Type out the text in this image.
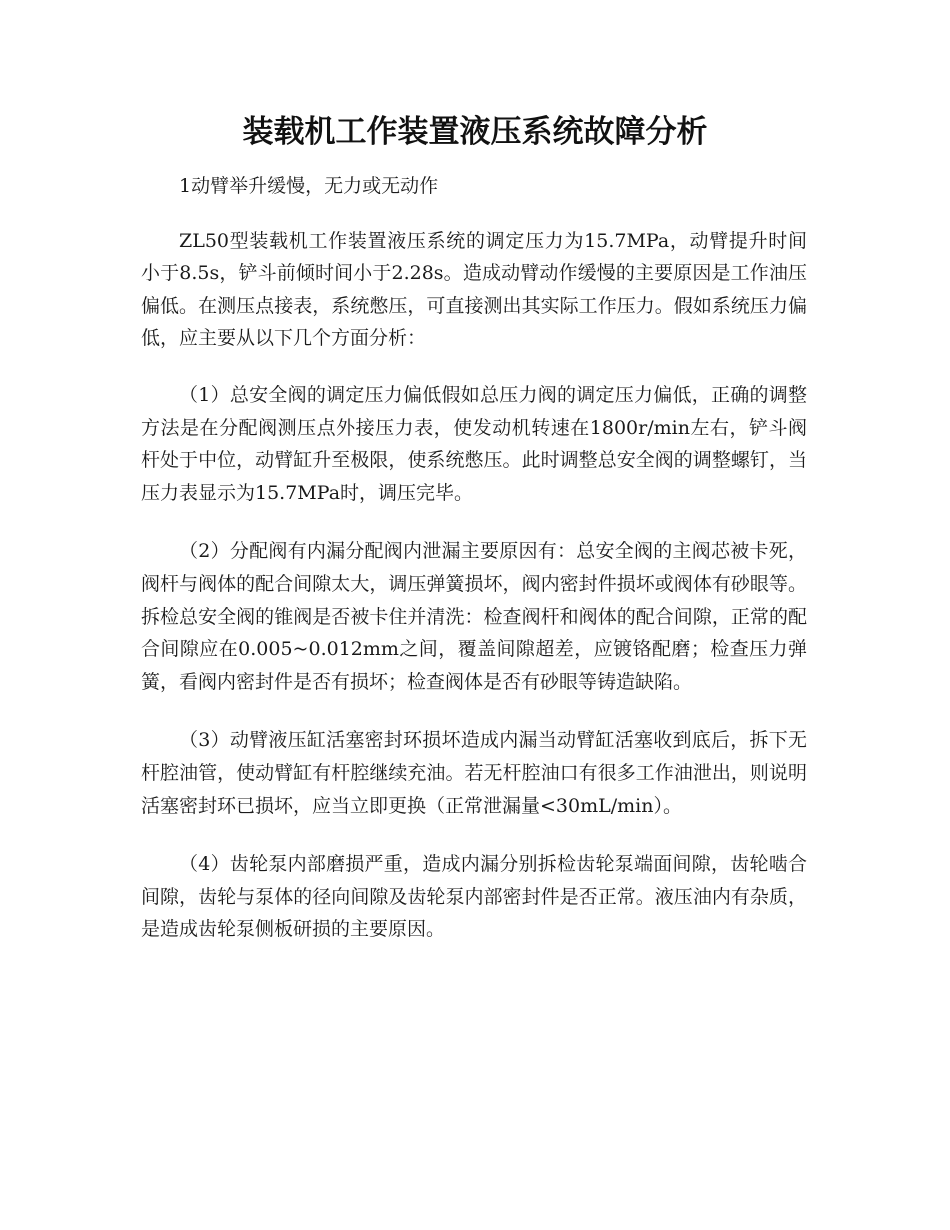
装载机工作装置液压系统故障分析

1动臂举升缓慢，无力或无动作

ZL50型装载机工作装置液压系统的调定压力为15.7MPa，动臂提升时间小于8.5s，铲斗前倾时间小于2.28s。造成动臂动作缓慢的主要原因是工作油压偏低。在测压点接表，系统憋压，可直接测出其实际工作压力。假如系统压力偏低，应主要从以下几个方面分析：

（1）总安全阀的调定压力偏低假如总压力阀的调定压力偏低，正确的调整方法是在分配阀测压点外接压力表，使发动机转速在1800r/min左右，铲斗阀杆处于中位，动臂缸升至极限，使系统憋压。此时调整总安全阀的调整螺钉，当压力表显示为15.7MPa时，调压完毕。

（2）分配阀有内漏分配阀内泄漏主要原因有：总安全阀的主阀芯被卡死，阀杆与阀体的配合间隙太大，调压弹簧损坏，阀内密封件损坏或阀体有砂眼等。拆检总安全阀的锥阀是否被卡住并清洗：检查阀杆和阀体的配合间隙，正常的配合间隙应在0.005~0.012mm之间，覆盖间隙超差，应镀铬配磨；检查压力弹簧，看阀内密封件是否有损坏；检查阀体是否有砂眼等铸造缺陷。

（3）动臂液压缸活塞密封环损坏造成内漏当动臂缸活塞收到底后，拆下无杆腔油管，使动臂缸有杆腔继续充油。若无杆腔油口有很多工作油泄出，则说明活塞密封环已损坏，应当立即更换（正常泄漏量<30mL/min）。

（4）齿轮泵内部磨损严重，造成内漏分别拆检齿轮泵端面间隙，齿轮啮合间隙，齿轮与泵体的径向间隙及齿轮泵内部密封件是否正常。液压油内有杂质，是造成齿轮泵侧板研损的主要原因。
